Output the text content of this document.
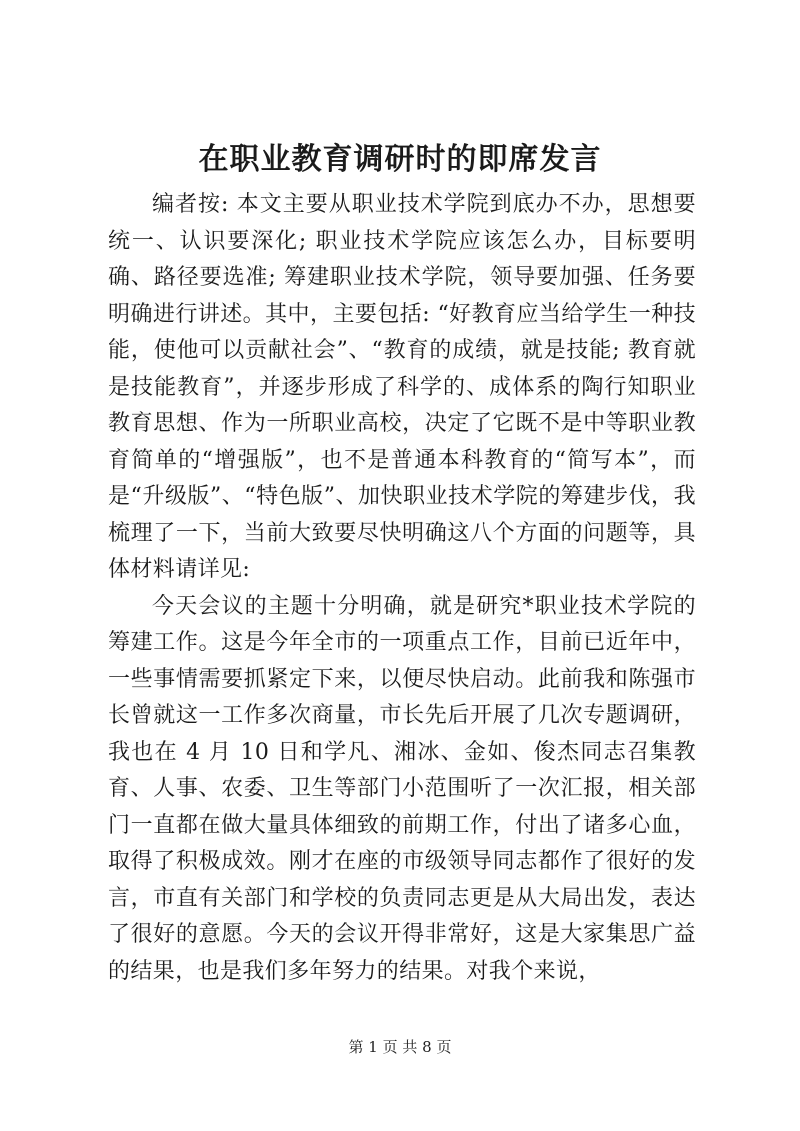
在职业教育调研时的即席发言

编者按: 本文主要从职业技术学院到底办不办，思想要统一、认识要深化; 职业技术学院应该怎么办，目标要明确、路径要选准; 筹建职业技术学院，领导要加强、任务要明确进行讲述。其中，主要包括: “好教育应当给学生一种技能，使他可以贡献社会”、“教育的成绩，就是技能; 教育就是技能教育”，并逐步形成了科学的、成体系的陶行知职业教育思想、作为一所职业高校，决定了它既不是中等职业教育简单的“增强版”，也不是普通本科教育的“简写本”，而是“升级版”、“特色版”、加快职业技术学院的筹建步伐，我梳理了一下，当前大致要尽快明确这八个方面的问题等，具体材料请详见:

今天会议的主题十分明确，就是研究*职业技术学院的筹建工作。这是今年全市的一项重点工作，目前已近年中，一些事情需要抓紧定下来，以便尽快启动。此前我和陈强市长曾就这一工作多次商量，市长先后开展了几次专题调研，我也在 4 月 10 日和学凡、湘冰、金如、俊杰同志召集教育、人事、农委、卫生等部门小范围听了一次汇报，相关部门一直都在做大量具体细致的前期工作，付出了诸多心血，取得了积极成效。刚才在座的市级领导同志都作了很好的发言，市直有关部门和学校的负责同志更是从大局出发，表达了很好的意愿。今天的会议开得非常好，这是大家集思广益的结果，也是我们多年努力的结果。对我个来说，

第 1 页 共 8 页
